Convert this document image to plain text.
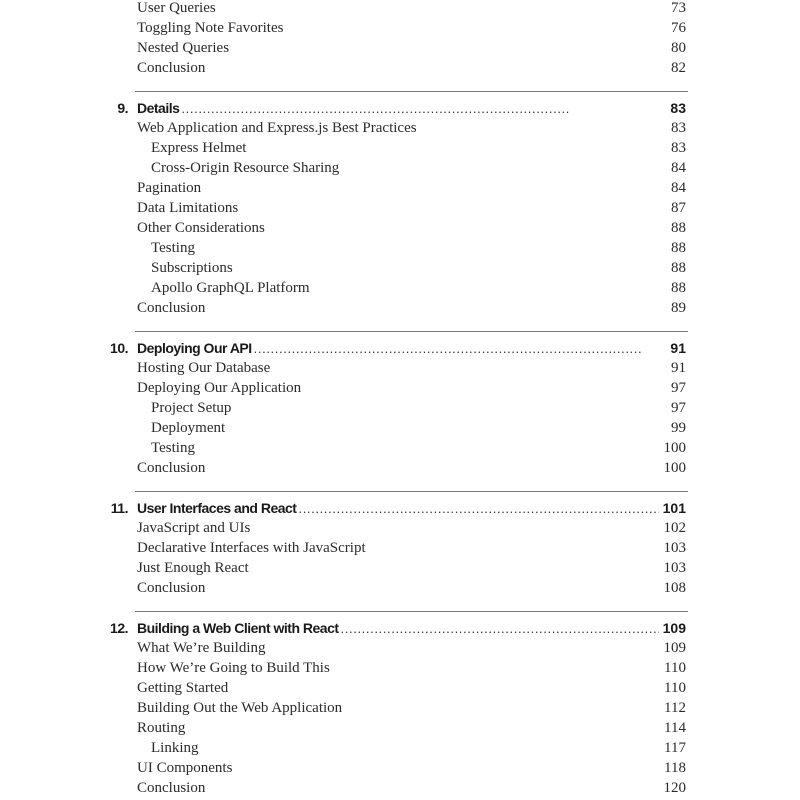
User Queries	73
Toggling Note Favorites	76
Nested Queries	80
Conclusion	82
9. Details . . .	83
Web Application and Express.js Best Practices	83
Express Helmet	83
Cross-Origin Resource Sharing	84
Pagination	84
Data Limitations	87
Other Considerations	88
Testing	88
Subscriptions	88
Apollo GraphQL Platform	88
Conclusion	89
10. Deploying Our API . . .	91
Hosting Our Database	91
Deploying Our Application	97
Project Setup	97
Deployment	99
Testing	100
Conclusion	100
11. User Interfaces and React . . .	101
JavaScript and UIs	102
Declarative Interfaces with JavaScript	103
Just Enough React	103
Conclusion	108
12. Building a Web Client with React . . .	109
What We’re Building	109
How We’re Going to Build This	110
Getting Started	110
Building Out the Web Application	112
Routing	114
Linking	117
UI Components	118
Conclusion	120
